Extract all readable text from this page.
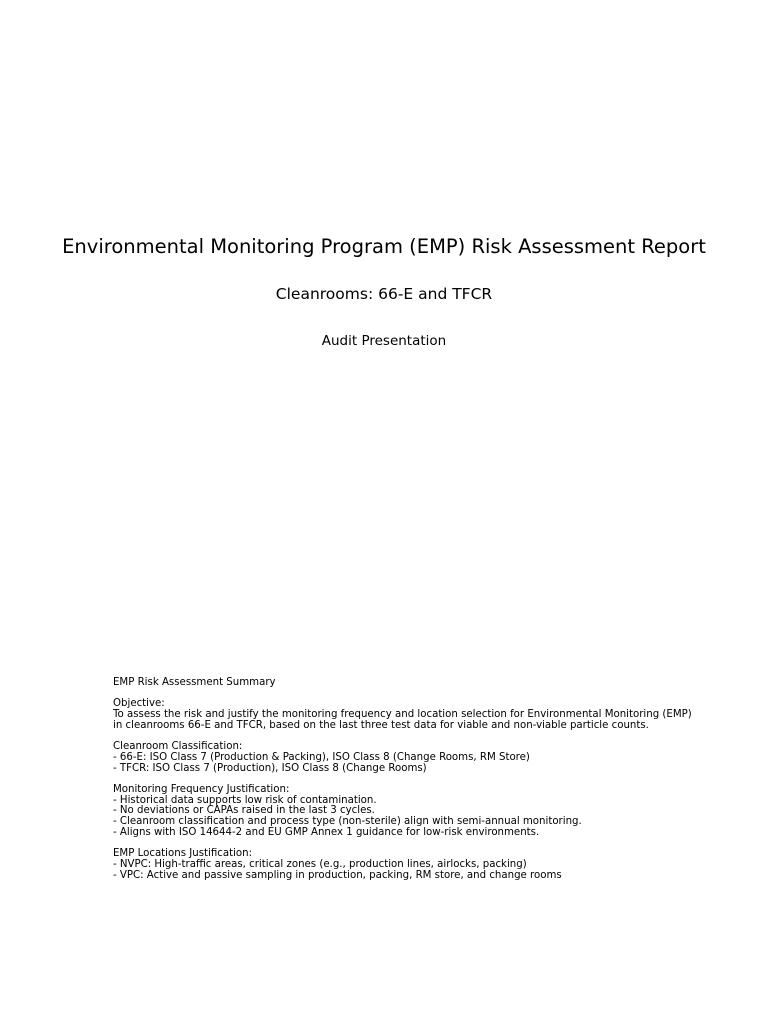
Environmental Monitoring Program (EMP) Risk Assessment Report
Cleanrooms: 66-E and TFCR
Audit Presentation
EMP Risk Assessment Summary
Objective:
To assess the risk and justify the monitoring frequency and location selection for Environmental Monitoring (EMP)
in cleanrooms 66-E and TFCR, based on the last three test data for viable and non-viable particle counts.
Cleanroom Classification:
- 66-E: ISO Class 7 (Production & Packing), ISO Class 8 (Change Rooms, RM Store)
- TFCR: ISO Class 7 (Production), ISO Class 8 (Change Rooms)
Monitoring Frequency Justification:
- Historical data supports low risk of contamination.
- No deviations or CAPAs raised in the last 3 cycles.
- Cleanroom classification and process type (non-sterile) align with semi-annual monitoring.
- Aligns with ISO 14644-2 and EU GMP Annex 1 guidance for low-risk environments.
EMP Locations Justification:
- NVPC: High-traffic areas, critical zones (e.g., production lines, airlocks, packing)
- VPC: Active and passive sampling in production, packing, RM store, and change rooms
